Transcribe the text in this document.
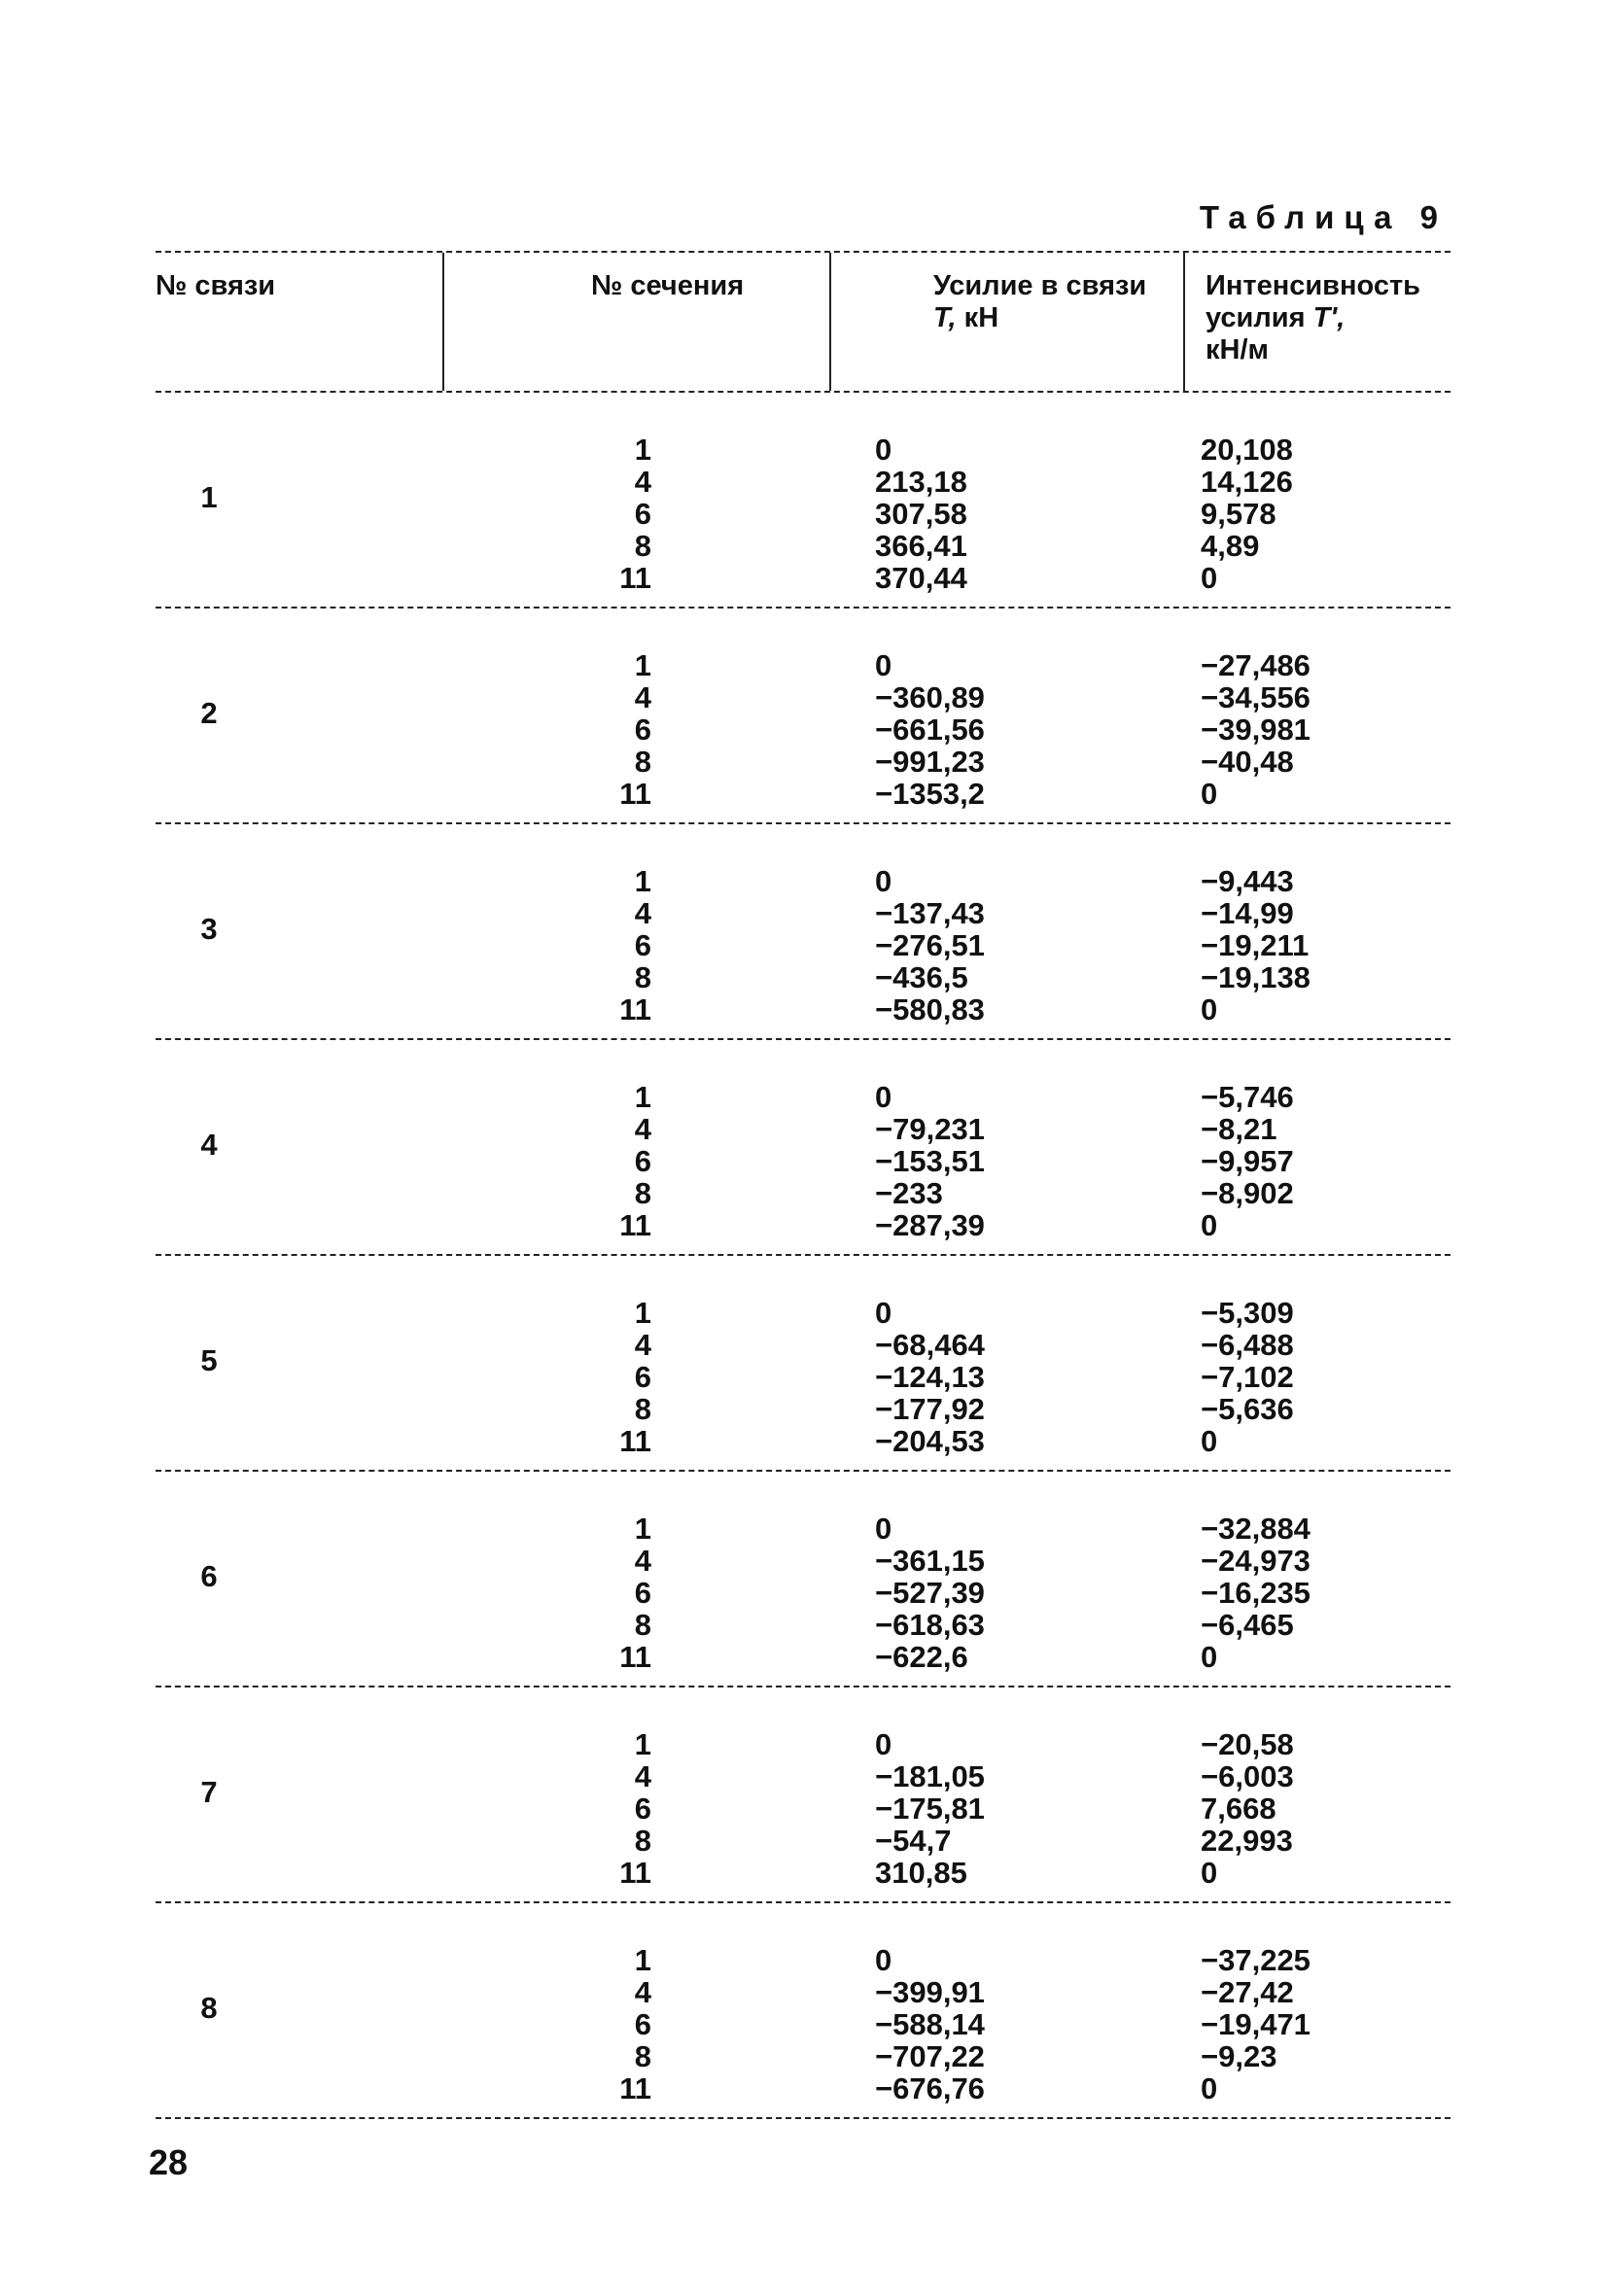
Таблица 9
№ связи	№ сечения	Усилие в связи
T, кН
Интенсивность
усилия T',
кН/м
1
1
4
6
8
11
0
213,18
307,58
366,41
370,44
20,108
14,126
9,578
4,89
0
2
1
4
6
8
11
0
−360,89
−661,56
−991,23
−1353,2
−27,486
−34,556
−39,981
−40,48
0
3
1
4
6
8
11
0
−137,43
−276,51
−436,5
−580,83
−9,443
−14,99
−19,211
−19,138
0
4
1
4
6
8
11
0
−79,231
−153,51
−233
−287,39
−5,746
−8,21
−9,957
−8,902
0
5
1
4
6
8
11
0
−68,464
−124,13
−177,92
−204,53
−5,309
−6,488
−7,102
−5,636
0
6
1
4
6
8
11
0
−361,15
−527,39
−618,63
−622,6
−32,884
−24,973
−16,235
−6,465
0
7
1
4
6
8
11
0
−181,05
−175,81
−54,7
310,85
−20,58
−6,003
7,668
22,993
0
8
1
4
6
8
11
0
−399,91
−588,14
−707,22
−676,76
−37,225
−27,42
−19,471
−9,23
0
28
